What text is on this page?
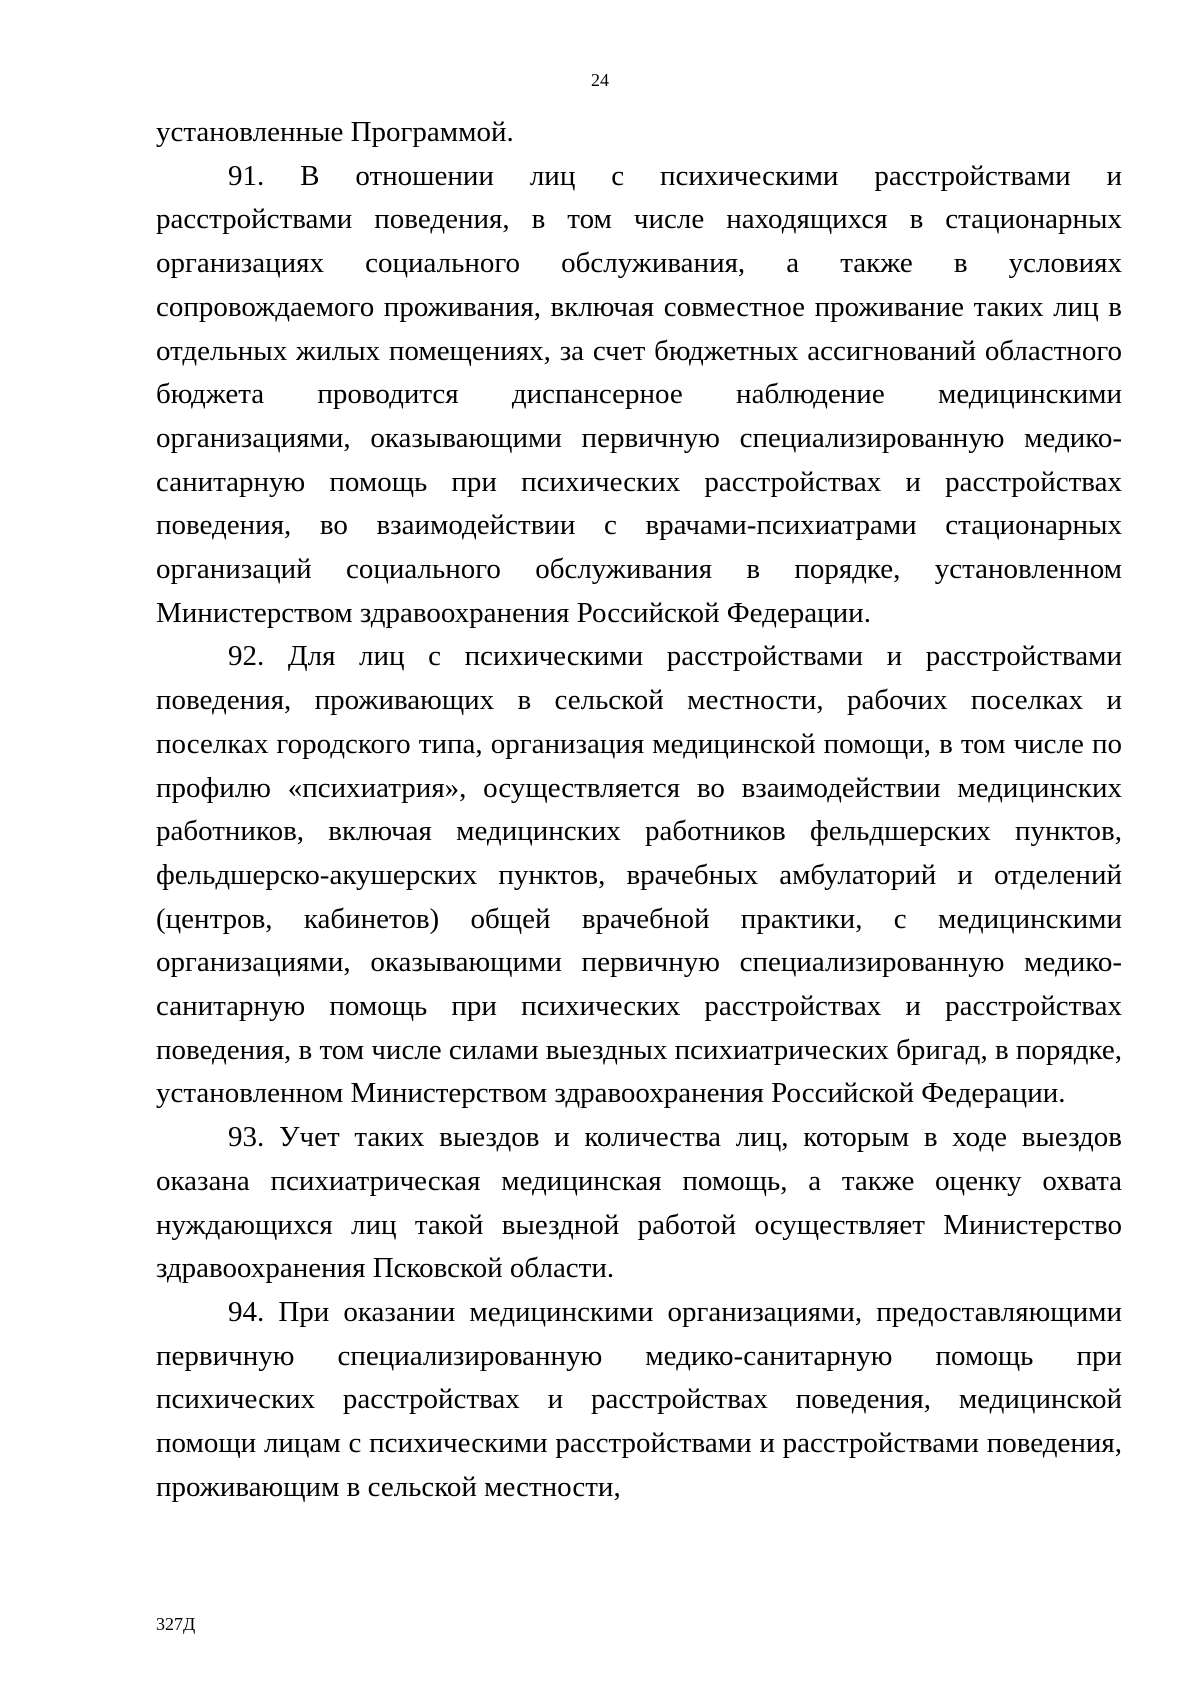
24

установленные Программой.

91. В отношении лиц с психическими расстройствами и расстройствами поведения, в том числе находящихся в стационарных организациях социального обслуживания, а также в условиях сопровождаемого проживания, включая совместное проживание таких лиц в отдельных жилых помещениях, за счет бюджетных ассигнований областного бюджета проводится диспансерное наблюдение медицинскими организациями, оказывающими первичную специализированную медико-санитарную помощь при психических расстройствах и расстройствах поведения, во взаимодействии с врачами-психиатрами стационарных организаций социального обслуживания в порядке, установленном Министерством здравоохранения Российской Федерации.

92. Для лиц с психическими расстройствами и расстройствами поведения, проживающих в сельской местности, рабочих поселках и поселках городского типа, организация медицинской помощи, в том числе по профилю «психиатрия», осуществляется во взаимодействии медицинских работников, включая медицинских работников фельдшерских пунктов, фельдшерско-акушерских пунктов, врачебных амбулаторий и отделений (центров, кабинетов) общей врачебной практики, с медицинскими организациями, оказывающими первичную специализированную медико-санитарную помощь при психических расстройствах и расстройствах поведения, в том числе силами выездных психиатрических бригад, в порядке, установленном Министерством здравоохранения Российской Федерации.

93. Учет таких выездов и количества лиц, которым в ходе выездов оказана психиатрическая медицинская помощь, а также оценку охвата нуждающихся лиц такой выездной работой осуществляет Министерство здравоохранения Псковской области.

94. При оказании медицинскими организациями, предоставляющими первичную специализированную медико-санитарную помощь при психических расстройствах и расстройствах поведения, медицинской помощи лицам с психическими расстройствами и расстройствами поведения, проживающим в сельской местности,

327Д
